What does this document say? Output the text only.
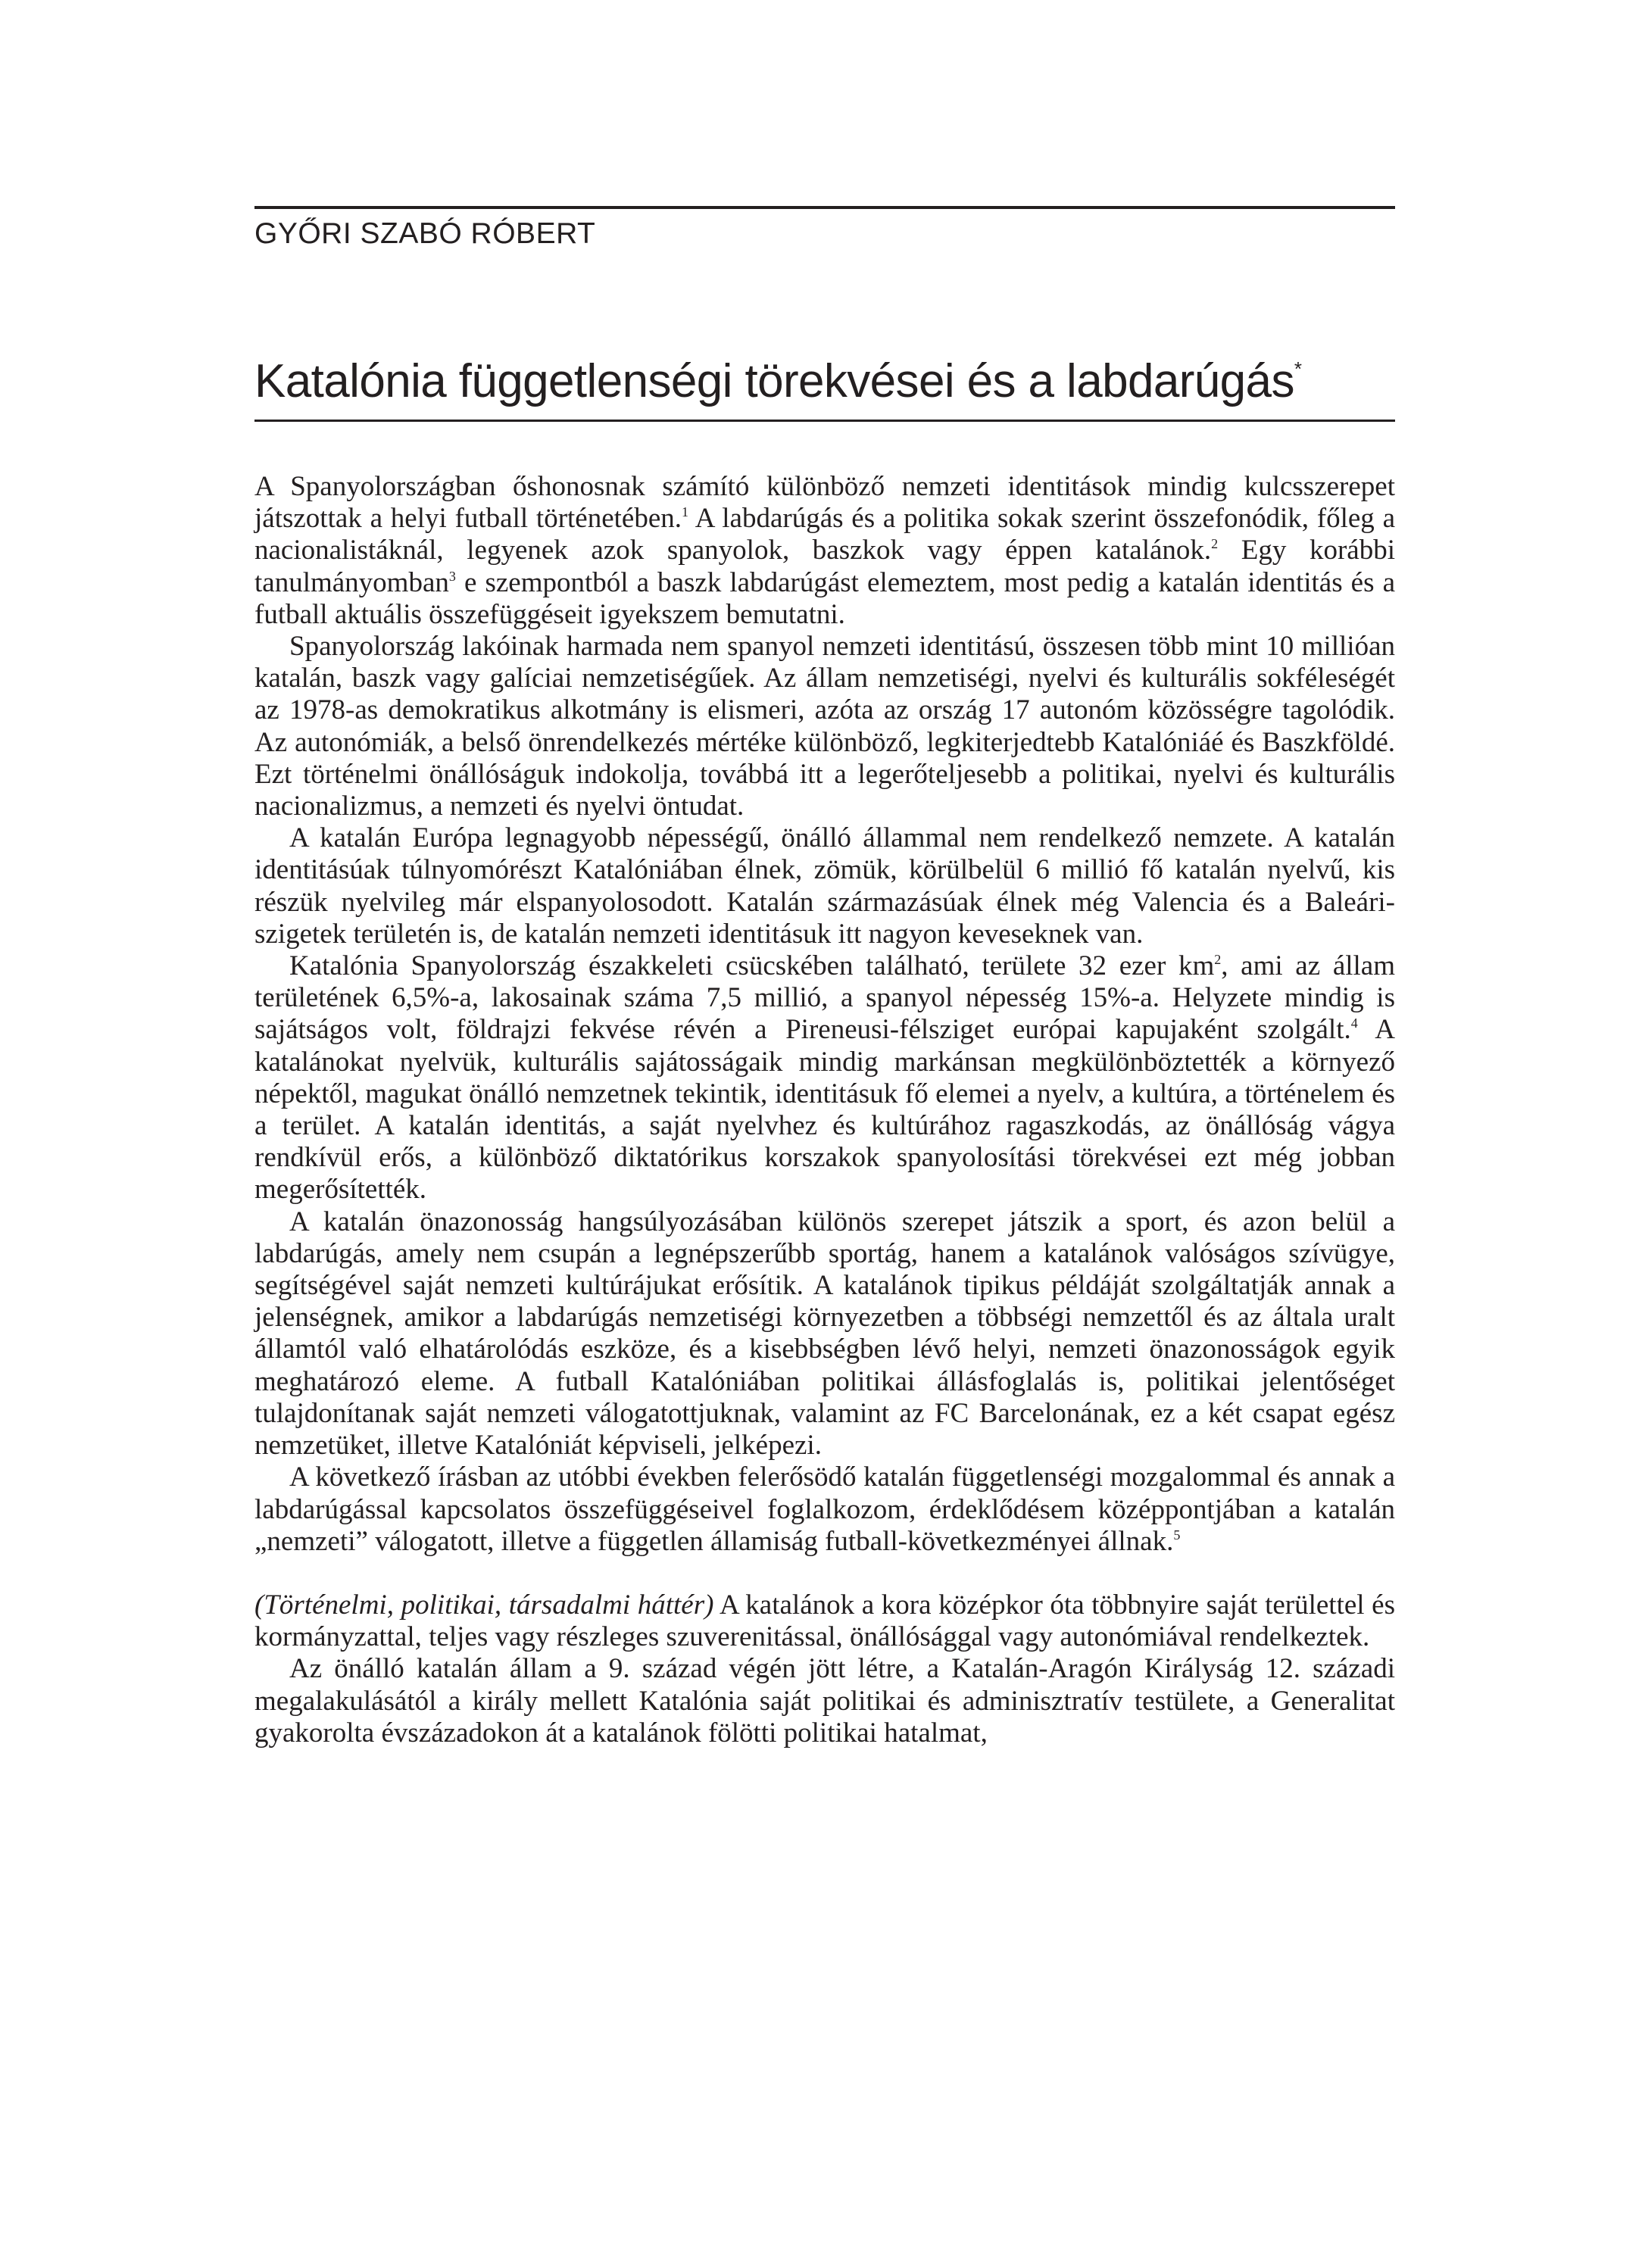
GYŐRI SZABÓ RÓBERT
Katalónia függetlenségi törekvései és a labdarúgás*

A Spanyolországban őshonosnak számító különböző nemzeti identitások mindig kulcsszerepet játszottak a helyi futball történetében.$^1$ A labdarúgás és a politika sokak szerint összefonódik, főleg a nacionalistáknál, legyenek azok spanyolok, baszkok vagy éppen katalánok.$^2$ Egy korábbi tanulmányomban$^3$ e szempontból a baszk labdarúgást elemeztem, most pedig a katalán identitás és a futball aktuális összefüggéseit igyekszem bemutatni.

Spanyolország lakóinak harmada nem spanyol nemzeti identitású, összesen több mint 10 millióan katalán, baszk vagy galíciai nemzetiségűek. Az állam nemzetiségi, nyelvi és kulturális sokféleségét az 1978-as demokratikus alkotmány is elismeri, azóta az ország 17 autonóm közösségre tagolódik. Az autonómiák, a belső önrendelkezés mértéke különböző, legkiterjedtebb Katalóniáé és Baszkföldé. Ezt történelmi önállóságuk indokolja, továbbá itt a legerőteljesebb a politikai, nyelvi és kulturális nacionalizmus, a nemzeti és nyelvi öntudat.

A katalán Európa legnagyobb népességű, önálló állammal nem rendelkező nemzete. A katalán identitásúak túlnyomórészt Katalóniában élnek, zömük, körülbelül 6 millió fő katalán nyelvű, kis részük nyelvileg már elspanyolosodott. Katalán származásúak élnek még Valencia és a Baleári-szigetek területén is, de katalán nemzeti identitásuk itt nagyon keveseknek van.

Katalónia Spanyolország északkeleti csücskében található, területe 32 ezer $km^2$, ami az állam területének 6,5%-a, lakosainak száma 7,5 millió, a spanyol népesség 15%-a. Helyzete mindig is sajátságos volt, földrajzi fekvése révén a Pireneusi-félsziget európai kapujaként szolgált.$^4$ A katalánokat nyelvük, kulturális sajátosságaik mindig markánsan megkülönböztették a környező népektől, magukat önálló nemzetnek tekintik, identitásuk fő elemei a nyelv, a kultúra, a történelem és a terület. A katalán identitás, a saját nyelvhez és kultúrához ragaszkodás, az önállóság vágya rendkívül erős, a különböző diktatórikus korszakok spanyolosítási törekvései ezt még jobban megerősítették.

A katalán önazonosság hangsúlyozásában különös szerepet játszik a sport, és azon belül a labdarúgás, amely nem csupán a legnépszerűbb sportág, hanem a katalánok valóságos szívügye, segítségével saját nemzeti kultúrájukat erősítik. A katalánok tipikus példáját szolgáltatják annak a jelenségnek, amikor a labdarúgás nemzetiségi környezetben a többségi nemzettől és az általa uralt államtól való elhatárolódás eszköze, és a kisebbségben lévő helyi, nemzeti önazonosságok egyik meghatározó eleme. A futball Katalóniában politikai állásfoglalás is, politikai jelentőséget tulajdonítanak saját nemzeti válogatottjuknak, valamint az FC Barcelonának, ez a két csapat egész nemzetüket, illetve Katalóniát képviseli, jelképezi.

A következő írásban az utóbbi években felerősödő katalán függetlenségi mozgalommal és annak a labdarúgással kapcsolatos összefüggéseivel foglalkozom, érdeklődésem középpontjában a katalán „nemzeti” válogatott, illetve a független államiság futball-következményei állnak.$^5$

(Történelmi, politikai, társadalmi háttér) A katalánok a kora középkor óta többnyire saját területtel és kormányzattal, teljes vagy részleges szuverenitással, önállósággal vagy autonómiával rendelkeztek.

Az önálló katalán állam a 9. század végén jött létre, a Katalán-Aragón Királyság 12. századi megalakulásától a király mellett Katalónia saját politikai és adminisztratív testülete, a Generalitat gyakorolta évszázadokon át a katalánok fölötti politikai hatalmat,
